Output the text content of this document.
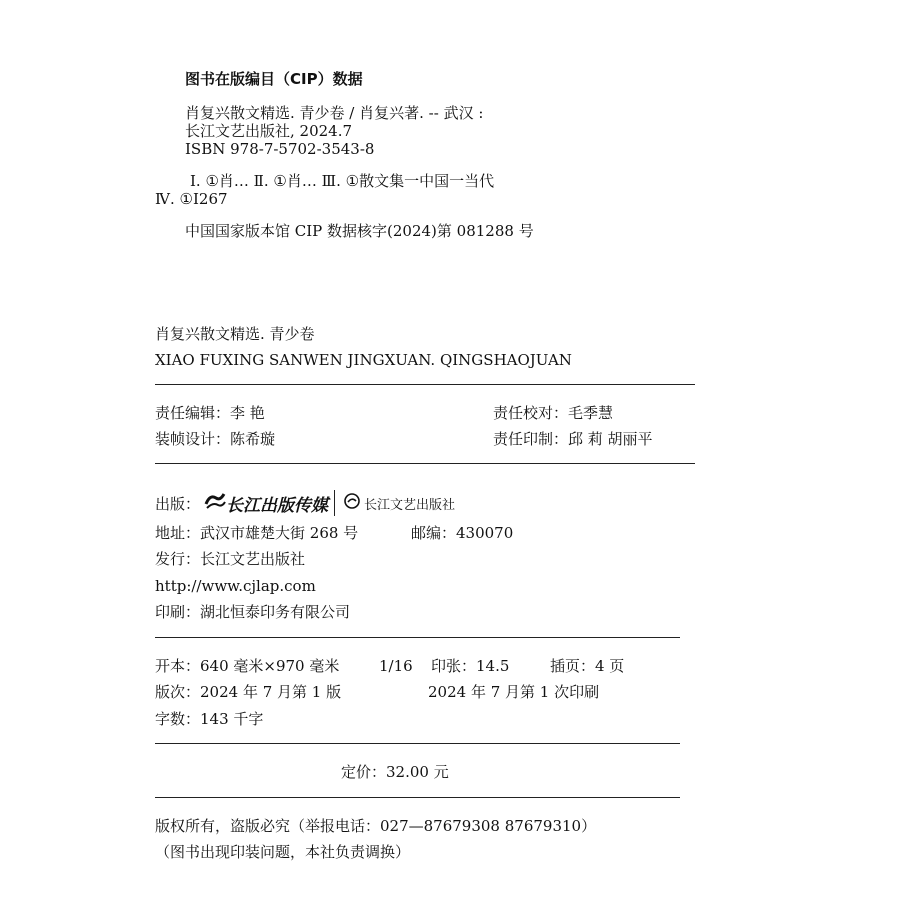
图书在版编目（CIP）数据
肖复兴散文精选. 青少卷 / 肖复兴著. -- 武汉 :
长江文艺出版社, 2024.7
ISBN 978-7-5702-3543-8
Ⅰ. ①肖… Ⅱ. ①肖… Ⅲ. ①散文集一中国一当代
Ⅳ. ①I267
中国国家版本馆 CIP 数据核字(2024)第 081288 号
肖复兴散文精选. 青少卷
XIAO FUXING SANWEN JINGXUAN. QINGSHAOJUAN
责任编辑：李 艳	责任校对：毛季慧
装帧设计：陈希璇	责任印制：邱 莉 胡丽平
出版： 长江出版传媒	长江文艺出版社
地址：武汉市雄楚大街 268 号	邮编：430070
发行：长江文艺出版社
http://www.cjlap.com
印刷：湖北恒泰印务有限公司
开本：640 毫米×970 毫米	1/16 印张：14.5	插页：4 页
版次：2024 年 7 月第 1 版	2024 年 7 月第 1 次印刷
字数：143 千字
定价：32.00 元
版权所有，盗版必究（举报电话：027—87679308 87679310）
（图书出现印装问题，本社负责调换）
